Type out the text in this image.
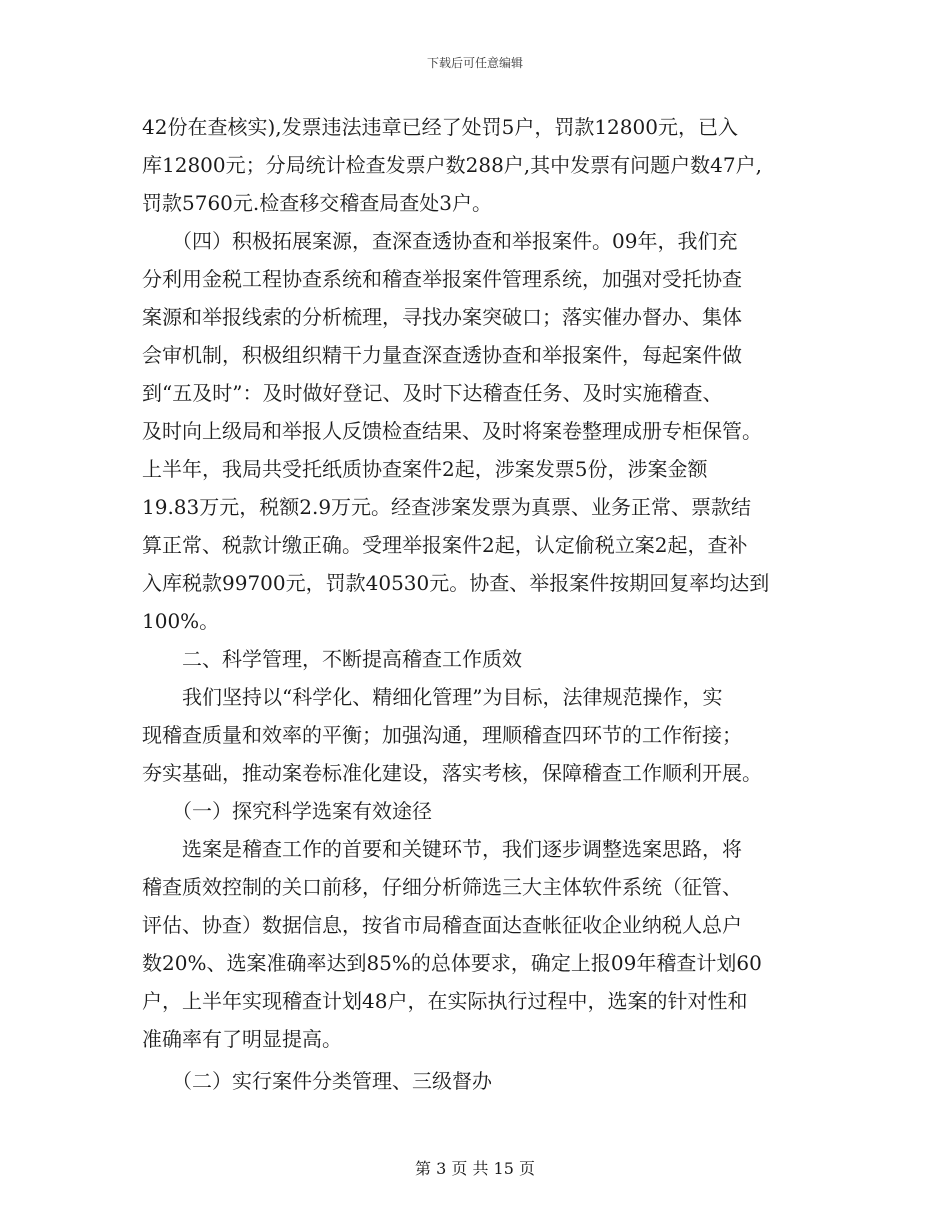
下载后可任意编辑
42份在查核实),发票违法违章已经了处罚5户，罚款12800元，已入
库12800元；分局统计检查发票户数288户,其中发票有问题户数47户,
罚款5760元.检查移交稽查局查处3户。
　　（四）积极拓展案源，查深查透协查和举报案件。09年，我们充
分利用金税工程协查系统和稽查举报案件管理系统，加强对受托协查
案源和举报线索的分析梳理，寻找办案突破口；落实催办督办、集体
会审机制，积极组织精干力量查深查透协查和举报案件，每起案件做
到“五及时”：及时做好登记、及时下达稽查任务、及时实施稽查、
及时向上级局和举报人反馈检查结果、及时将案卷整理成册专柜保管。
上半年，我局共受托纸质协查案件2起，涉案发票5份，涉案金额
19.83万元，税额2.9万元。经查涉案发票为真票、业务正常、票款结
算正常、税款计缴正确。受理举报案件2起，认定偷税立案2起，查补
入库税款99700元，罚款40530元。协查、举报案件按期回复率均达到
100%。
　　二、科学管理，不断提高稽查工作质效
　　我们坚持以“科学化、精细化管理”为目标，法律规范操作，实
现稽查质量和效率的平衡；加强沟通，理顺稽查四环节的工作衔接；
夯实基础，推动案卷标准化建设，落实考核，保障稽查工作顺利开展。
　　（一）探究科学选案有效途径
　　选案是稽查工作的首要和关键环节，我们逐步调整选案思路，将
稽查质效控制的关口前移，仔细分析筛选三大主体软件系统（征管、
评估、协查）数据信息，按省市局稽查面达查帐征收企业纳税人总户
数20%、选案准确率达到85%的总体要求，确定上报09年稽查计划60
户，上半年实现稽查计划48户，在实际执行过程中，选案的针对性和
准确率有了明显提高。
　　（二）实行案件分类管理、三级督办
第 3 页 共 15 页
